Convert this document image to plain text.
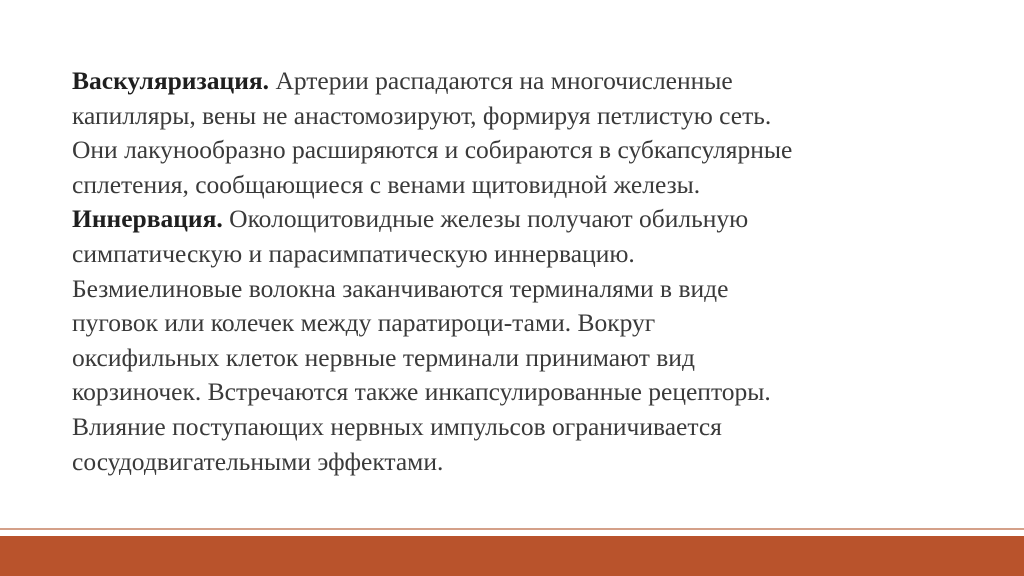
Васкуляризация. Артерии распадаются на многочисленные
капилляры, вены не анастомозируют, формируя петлистую сеть.
Они лакунообразно расширяются и собираются в субкапсулярные
сплетения, сообщающиеся с венами щитовидной железы.
Иннервация. Околощитовидные железы получают обильную
симпатическую и парасимпатическую иннервацию.
Безмиелиновые волокна заканчиваются терминалями в виде
пуговок или колечек между паратироци-тами. Вокруг
оксифильных клеток нервные терминали принимают вид
корзиночек. Встречаются также инкапсулированные рецепторы.
Влияние поступающих нервных импульсов ограничивается
сосудодвигательными эффектами.
